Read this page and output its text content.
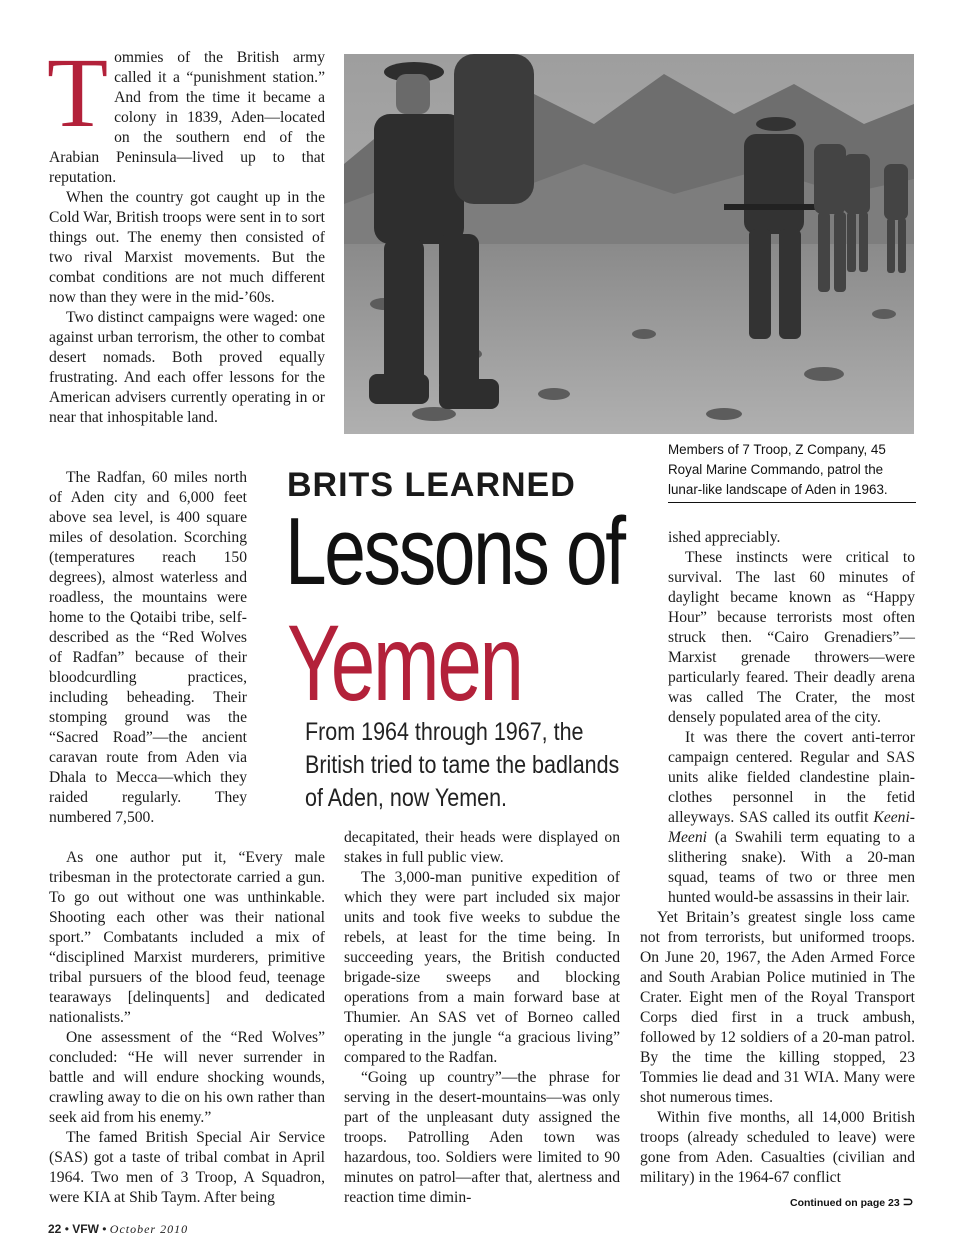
Tommies of the British army called it a “punishment station.” And from the time it became a colony in 1839, Aden—located on the southern end of the Arabian Peninsula—lived up to that reputation.

When the country got caught up in the Cold War, British troops were sent in to sort things out. The enemy then consisted of two rival Marxist movements. But the combat conditions are not much different now than they were in the mid-’60s.

Two distinct campaigns were waged: one against urban terrorism, the other to combat desert nomads. Both proved equally frustrating. And each offer lessons for the American advisers currently operating in or near that inhospitable land.

The Radfan, 60 miles north of Aden city and 6,000 feet above sea level, is 400 square miles of desolation. Scorching (temperatures reach 150 degrees), almost waterless and roadless, the mountains were home to the Qotaibi tribe, self-described as the “Red Wolves of Radfan” because of their bloodcurdling practices, including beheading. Their stomping ground was the “Sacred Road”—the ancient caravan route from Aden via Dhala to Mecca—which they raided regularly. They numbered 7,500.

As one author put it, “Every male tribesman in the protectorate carried a gun. To go out without one was unthinkable. Shooting each other was their national sport.” Combatants included a mix of “disciplined Marxist murderers, primitive tribal pursuers of the blood feud, teenage tearaways [delinquents] and dedicated nationalists.”

One assessment of the “Red Wolves” concluded: “He will never surrender in battle and will endure shocking wounds, crawling away to die on his own rather than seek aid from his enemy.”

The famed British Special Air Service (SAS) got a taste of tribal combat in April 1964. Two men of 3 Troop, A Squadron, were KIA at Shib Taym. After being

Members of 7 Troop, Z Company, 45 Royal Marine Commando, patrol the lunar-like landscape of Aden in 1963.
BRITS LEARNED
Lessons of
Yemen
From 1964 through 1967, the British tried to tame the badlands of Aden, now Yemen.

decapitated, their heads were displayed on stakes in full public view.

The 3,000-man punitive expedition of which they were part included six major units and took five weeks to subdue the rebels, at least for the time being. In succeeding years, the British conducted brigade-size sweeps and blocking operations from a main forward base at Thumier. An SAS vet of Borneo called operating in the jungle “a gracious living” compared to the Radfan.

“Going up country”—the phrase for serving in the desert-mountains—was only part of the unpleasant duty assigned the troops. Patrolling Aden town was hazardous, too. Soldiers were limited to 90 minutes on patrol—after that, alertness and reaction time dimin-

ished appreciably.

These instincts were critical to survival. The last 60 minutes of daylight became known as “Happy Hour” because terrorists most often struck then. “Cairo Grenadiers”—Marxist grenade throwers—were particularly feared. Their deadly arena was called The Crater, the most densely populated area of the city.

It was there the covert anti-terror campaign centered. Regular and SAS units alike fielded clandestine plain-clothes personnel in the fetid alleyways. SAS called its outfit Keeni-Meeni (a Swahili term equating to a slithering snake). With a 20-man squad, teams of two or three men hunted would-be assassins in their lair.

Yet Britain’s greatest single loss came not from terrorists, but uniformed troops. On June 20, 1967, the Aden Armed Force and South Arabian Police mutinied in The Crater. Eight men of the Royal Transport Corps died first in a truck ambush, followed by 12 soldiers of a 20-man patrol. By the time the killing stopped, 23 Tommies lie dead and 31 WIA. Many were shot numerous times.

Within five months, all 14,000 British troops (already scheduled to leave) were gone from Aden. Casualties (civilian and military) in the 1964-67 conflict

Continued on page 23 ⊃
22 • VFW • October 2010
